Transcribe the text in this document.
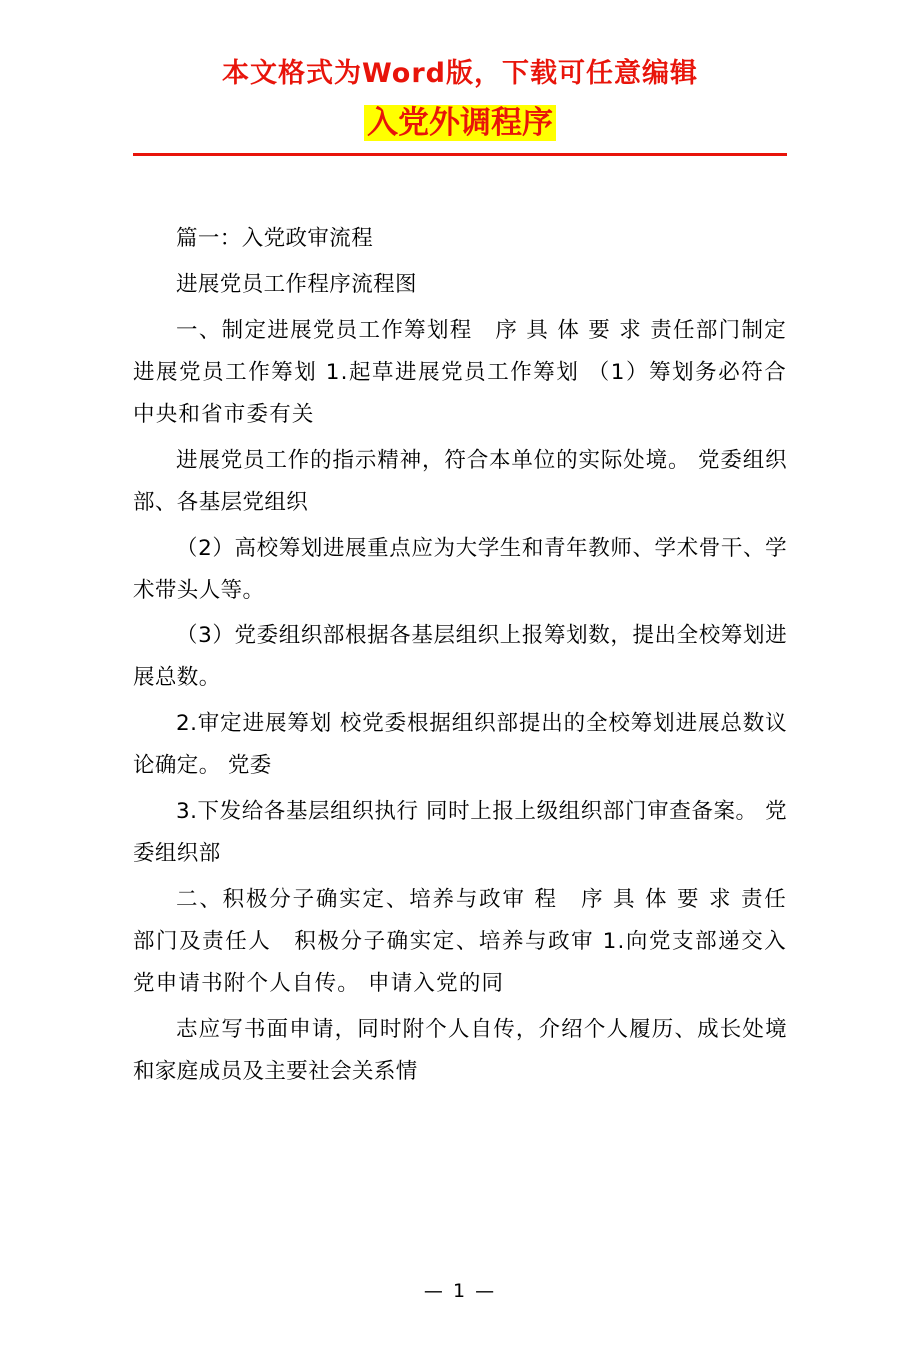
本文格式为Word版，下载可任意编辑
入党外调程序

篇一：入党政审流程

进展党员工作程序流程图

一、制定进展党员工作筹划程　序 具 体 要 求 责任部门制定进展党员工作筹划 1.起草进展党员工作筹划 （1）筹划务必符合中央和省市委有关

进展党员工作的指示精神，符合本单位的实际处境。 党委组织部、各基层党组织

（2）高校筹划进展重点应为大学生和青年教师、学术骨干、学术带头人等。

（3）党委组织部根据各基层组织上报筹划数，提出全校筹划进展总数。

2.审定进展筹划 校党委根据组织部提出的全校筹划进展总数议论确定。 党委

3.下发给各基层组织执行 同时上报上级组织部门审查备案。 党委组织部

二、积极分子确实定、培养与政审 程　序 具 体 要 求 责任部门及责任人　积极分子确实定、培养与政审 1.向党支部递交入党申请书附个人自传。 申请入党的同

志应写书面申请，同时附个人自传，介绍个人履历、成长处境和家庭成员及主要社会关系情

— 1 —
